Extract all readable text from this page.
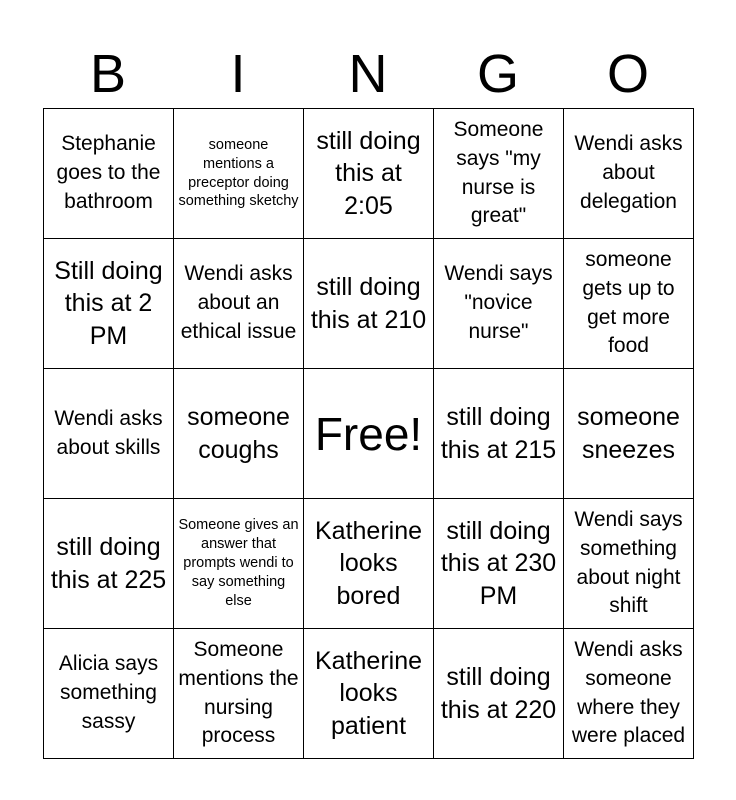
B	I	N	G	O
Stephanie goes to the bathroom	someone mentions a preceptor doing something sketchy	still doing this at 2:05	Someone says "my nurse is great"	Wendi asks about delegation
Still doing this at 2 PM	Wendi asks about an ethical issue	still doing this at 210	Wendi says "novice nurse"	someone gets up to get more food
Wendi asks about skills	someone coughs	Free!	still doing this at 215	someone sneezes
still doing this at 225	Someone gives an answer that prompts wendi to say something else	Katherine looks bored	still doing this at 230 PM	Wendi says something about night shift
Alicia says something sassy	Someone mentions the nursing process	Katherine looks patient	still doing this at 220	Wendi asks someone where they were placed
